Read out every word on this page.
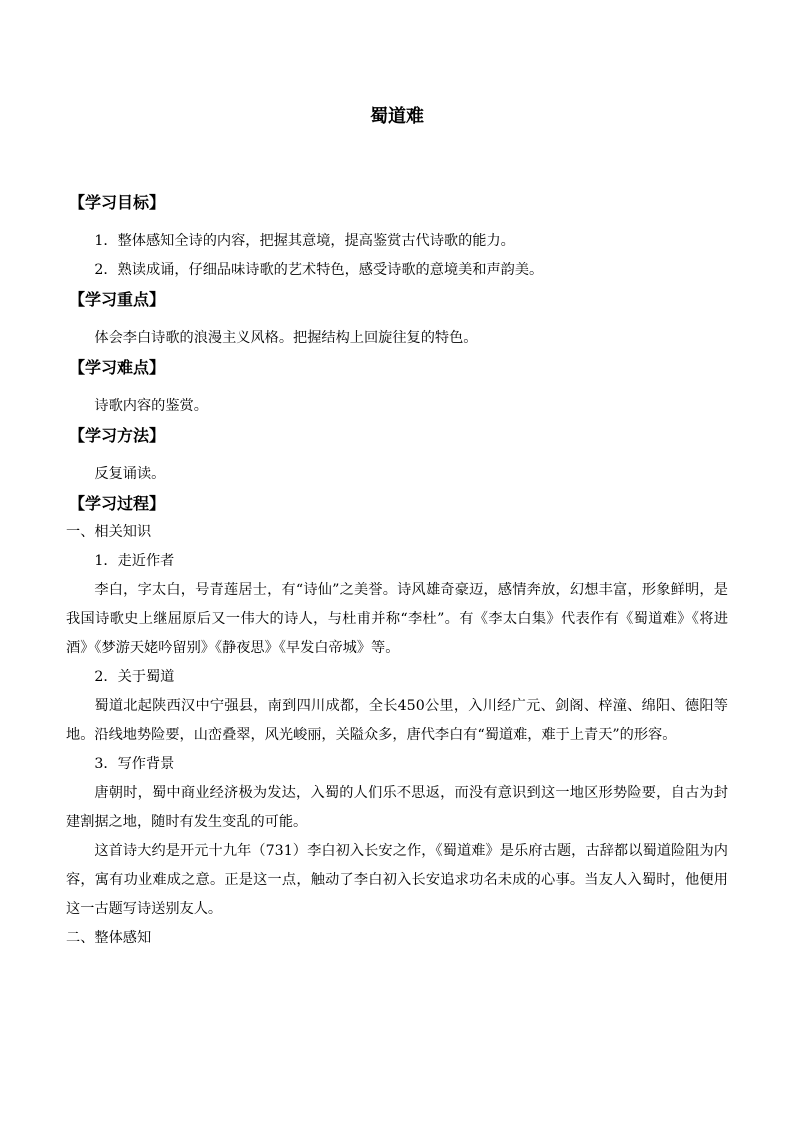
蜀道难
【学习目标】
1．整体感知全诗的内容，把握其意境，提高鉴赏古代诗歌的能力。
2．熟读成诵，仔细品味诗歌的艺术特色，感受诗歌的意境美和声韵美。
【学习重点】
体会李白诗歌的浪漫主义风格。把握结构上回旋往复的特色。
【学习难点】
诗歌内容的鉴赏。
【学习方法】
反复诵读。
【学习过程】
一、相关知识
1．走近作者
李白，字太白，号青莲居士，有“诗仙”之美誉。诗风雄奇豪迈，感情奔放，幻想丰富，形象鲜明，是我国诗歌史上继屈原后又一伟大的诗人，与杜甫并称“李杜”。有《李太白集》代表作有《蜀道难》《将进酒》《梦游天姥吟留别》《静夜思》《早发白帝城》等。
2．关于蜀道
蜀道北起陕西汉中宁强县，南到四川成都，全长450公里，入川经广元、剑阁、梓潼、绵阳、德阳等地。沿线地势险要，山峦叠翠，风光峻丽，关隘众多，唐代李白有“蜀道难，难于上青天”的形容。
3．写作背景
唐朝时，蜀中商业经济极为发达，入蜀的人们乐不思返，而没有意识到这一地区形势险要，自古为封建割据之地，随时有发生变乱的可能。
这首诗大约是开元十九年（731）李白初入长安之作，《蜀道难》是乐府古题，古辞都以蜀道险阻为内容，寓有功业难成之意。正是这一点，触动了李白初入长安追求功名未成的心事。当友人入蜀时，他便用这一古题写诗送别友人。
二、整体感知
